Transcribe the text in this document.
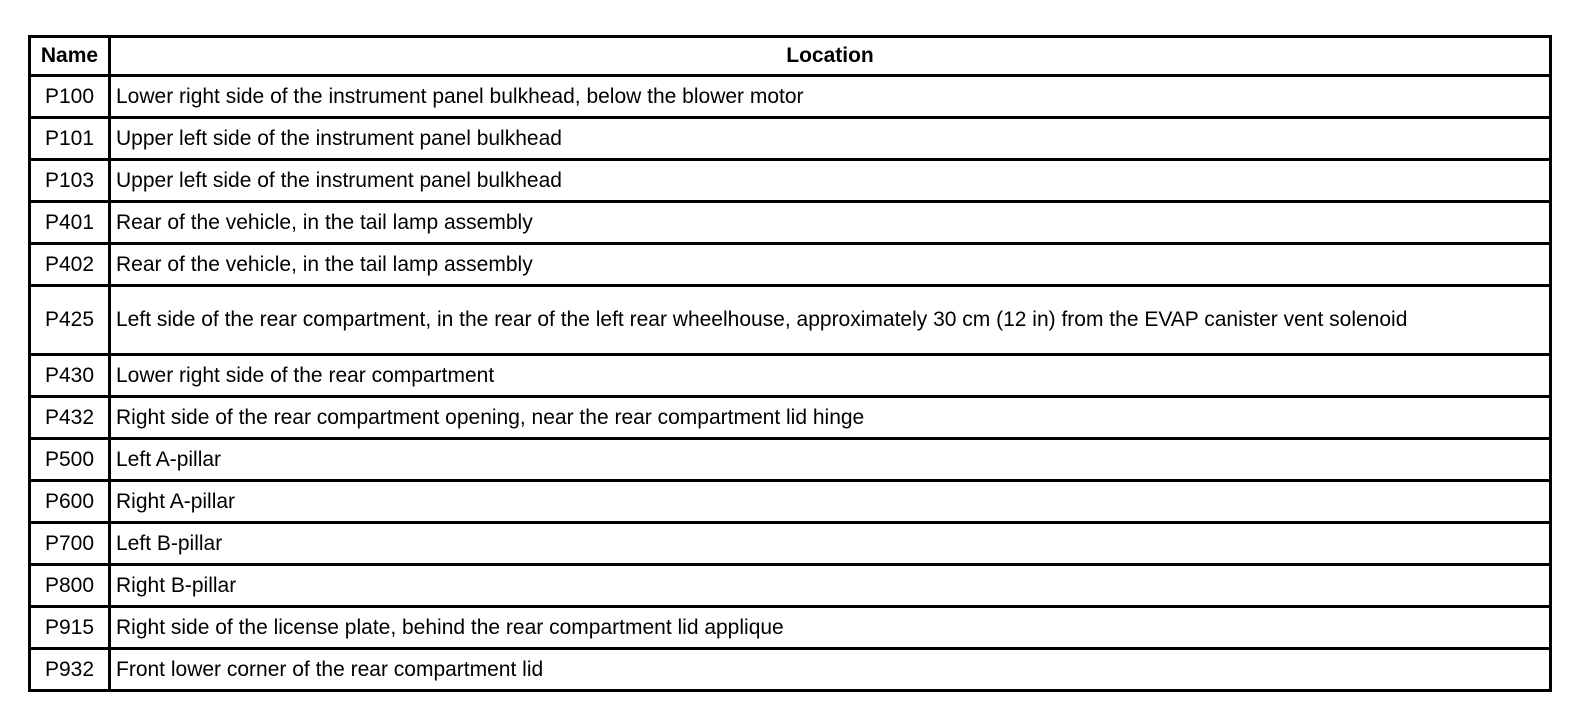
Name	Location
P100	Lower right side of the instrument panel bulkhead, below the blower motor
P101	Upper left side of the instrument panel bulkhead
P103	Upper left side of the instrument panel bulkhead
P401	Rear of the vehicle, in the tail lamp assembly
P402	Rear of the vehicle, in the tail lamp assembly
P425	Left side of the rear compartment, in the rear of the left rear wheelhouse, approximately 30 cm (12 in) from the EVAP canister vent solenoid
P430	Lower right side of the rear compartment
P432	Right side of the rear compartment opening, near the rear compartment lid hinge
P500	Left A-pillar
P600	Right A-pillar
P700	Left B-pillar
P800	Right B-pillar
P915	Right side of the license plate, behind the rear compartment lid applique
P932	Front lower corner of the rear compartment lid
